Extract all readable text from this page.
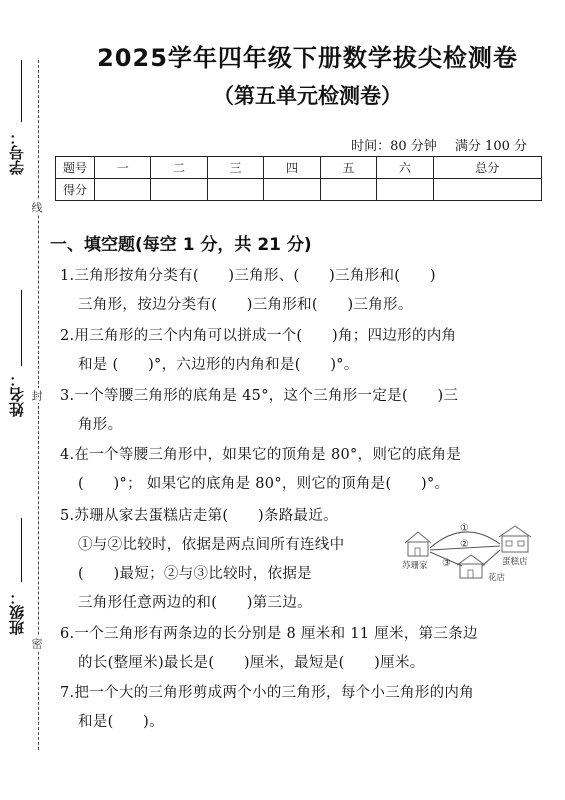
学号：
姓名：
班级：
线
封
密
2025学年四年级下册数学拔尖检测卷
（第五单元检测卷）
时间：80 分钟 满分 100 分
题号	一	二	三	四	五	六	总分
得分							
一、填空题(每空 1 分，共 21 分)
1.三角形按角分类有(　　)三角形、(　　)三角形和(　　)
三角形，按边分类有(　　)三角形和(　　)三角形。
2.用三角形的三个内角可以拼成一个(　　)角；四边形的内角
和是 (　　)°，六边形的内角和是(　　)°。
3.一个等腰三角形的底角是 45°，这个三角形一定是(　　)三
角形。
4.在一个等腰三角形中，如果它的顶角是 80°，则它的底角是
(　　)°； 如果它的底角是 80°，则它的顶角是(　　)°。
5.苏珊从家去蛋糕店走第(　　)条路最近。
①与②比较时，依据是两点间所有连线中
(　　)最短；②与③比较时，依据是
三角形任意两边的和(　　)第三边。
6.一个三角形有两条边的长分别是 8 厘米和 11 厘米，第三条边
的长(整厘米)最长是(　　)厘米，最短是(　　)厘米。
7.把一个大的三角形剪成两个小的三角形，每个小三角形的内角
和是(　　)。
①
②
③
苏珊家	蛋糕店
花店
